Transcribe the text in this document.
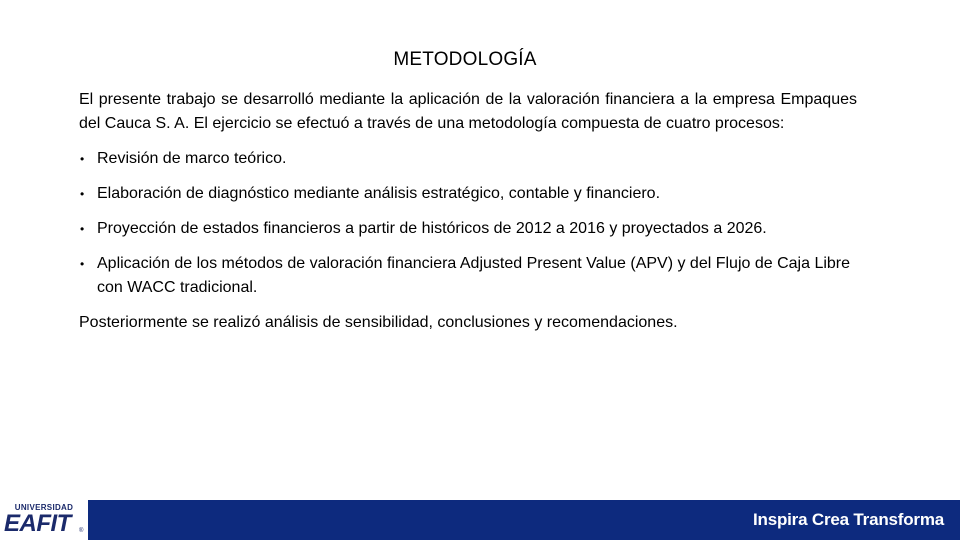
METODOLOGÍA

El presente trabajo se desarrolló mediante la aplicación de la valoración financiera a la empresa Empaques del Cauca S. A. El ejercicio se efectuó a través de una metodología compuesta de cuatro procesos:

• Revisión de marco teórico.
• Elaboración de diagnóstico mediante análisis estratégico, contable y financiero.
• Proyección de estados financieros a partir de históricos de 2012 a 2016 y proyectados a 2026.
• Aplicación de los métodos de valoración financiera Adjusted Present Value (APV) y del Flujo de Caja Libre con WACC tradicional.

Posteriormente se realizó análisis de sensibilidad, conclusiones y recomendaciones.

UNIVERSIDAD
EAFIT ®
Inspira Crea Transforma
